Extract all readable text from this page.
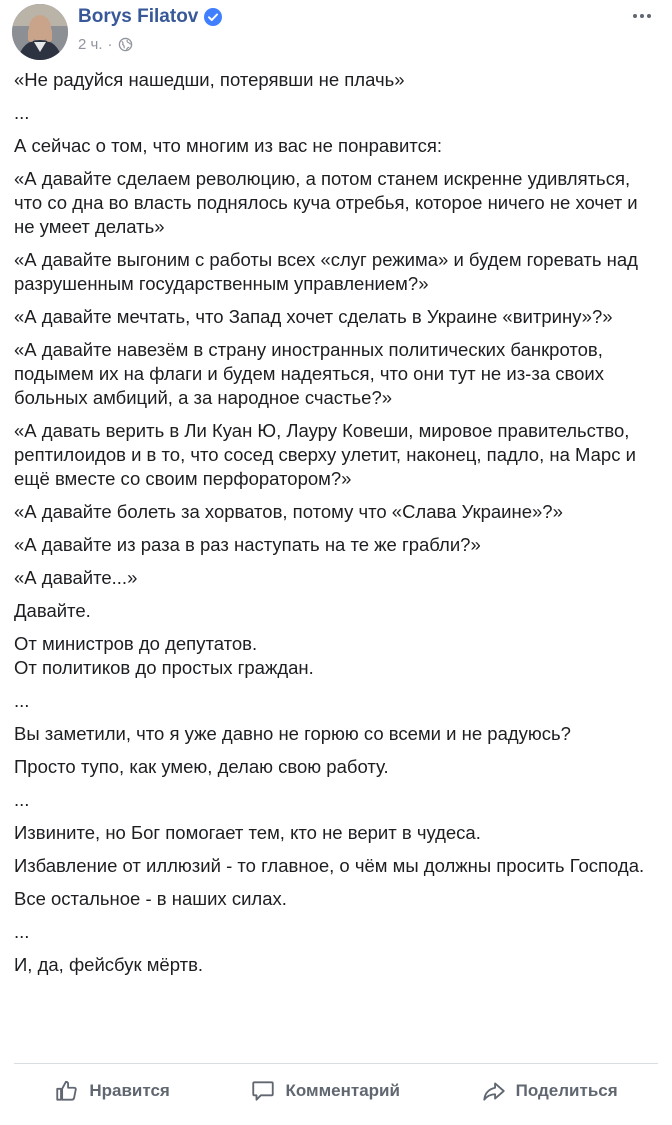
Borys Filatov
2 ч. ·

«Не радуйся нашедши, потерявши не плачь»

...

А сейчас о том, что многим из вас не понравится:

«А давайте сделаем революцию, а потом станем искренне удивляться, что со дна во власть поднялось куча отребья, которое ничего не хочет и не умеет делать»

«А давайте выгоним с работы всех «слуг режима» и будем горевать над разрушенным государственным управлением?»

«А давайте мечтать, что Запад хочет сделать в Украине «витрину»?»

«А давайте навезём в страну иностранных политических банкротов, подымем их на флаги и будем надеяться, что они тут не из-за своих больных амбиций, а за народное счастье?»

«А давать верить в Ли Куан Ю, Лауру Ковеши, мировое правительство, рептилоидов и в то, что сосед сверху улетит, наконец, падло, на Марс и ещё вместе со своим перфоратором?»

«А давайте болеть за хорватов, потому что «Слава Украине»?»

«А давайте из раза в раз наступать на те же грабли?»

«А давайте...»

Давайте.

От министров до депутатов.
От политиков до простых граждан.

...

Вы заметили, что я уже давно не горюю со всеми и не радуюсь?

Просто тупо, как умею, делаю свою работу.

...

Извините, но Бог помогает тем, кто не верит в чудеса.

Избавление от иллюзий - то главное, о чём мы должны просить Господа.

Все остальное - в наших силах.

...

И, да, фейсбук мёртв.

Нравится	Комментарий	Поделиться
